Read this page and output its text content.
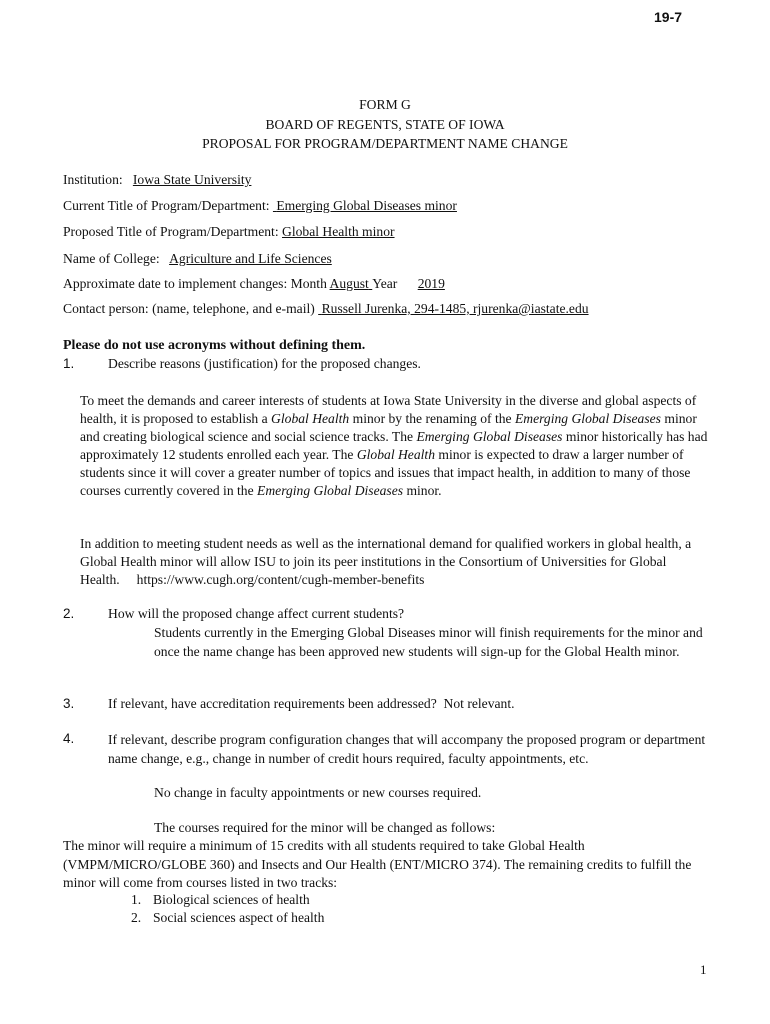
19-7
FORM G
BOARD OF REGENTS, STATE OF IOWA
PROPOSAL FOR PROGRAM/DEPARTMENT NAME CHANGE
Institution: Iowa State University
Current Title of Program/Department: Emerging Global Diseases minor
Proposed Title of Program/Department: Global Health minor
Name of College: Agriculture and Life Sciences
Approximate date to implement changes: Month August Year 2019
Contact person: (name, telephone, and e-mail) Russell Jurenka, 294-1485, rjurenka@iastate.edu
Please do not use acronyms without defining them.
1. Describe reasons (justification) for the proposed changes.
To meet the demands and career interests of students at Iowa State University in the diverse and global aspects of health, it is proposed to establish a Global Health minor by the renaming of the Emerging Global Diseases minor and creating biological science and social science tracks. The Emerging Global Diseases minor historically has had approximately 12 students enrolled each year. The Global Health minor is expected to draw a larger number of students since it will cover a greater number of topics and issues that impact health, in addition to many of those courses currently covered in the Emerging Global Diseases minor.
In addition to meeting student needs as well as the international demand for qualified workers in global health, a Global Health minor will allow ISU to join its peer institutions in the Consortium of Universities for Global Health. https://www.cugh.org/content/cugh-member-benefits
2. How will the proposed change affect current students?
Students currently in the Emerging Global Diseases minor will finish requirements for the minor and once the name change has been approved new students will sign-up for the Global Health minor.
3. If relevant, have accreditation requirements been addressed? Not relevant.
4. If relevant, describe program configuration changes that will accompany the proposed program or department name change, e.g., change in number of credit hours required, faculty appointments, etc.
No change in faculty appointments or new courses required.
The courses required for the minor will be changed as follows:
The minor will require a minimum of 15 credits with all students required to take Global Health (VMPM/MICRO/GLOBE 360) and Insects and Our Health (ENT/MICRO 374). The remaining credits to fulfill the minor will come from courses listed in two tracks:
1. Biological sciences of health
2. Social sciences aspect of health
1
